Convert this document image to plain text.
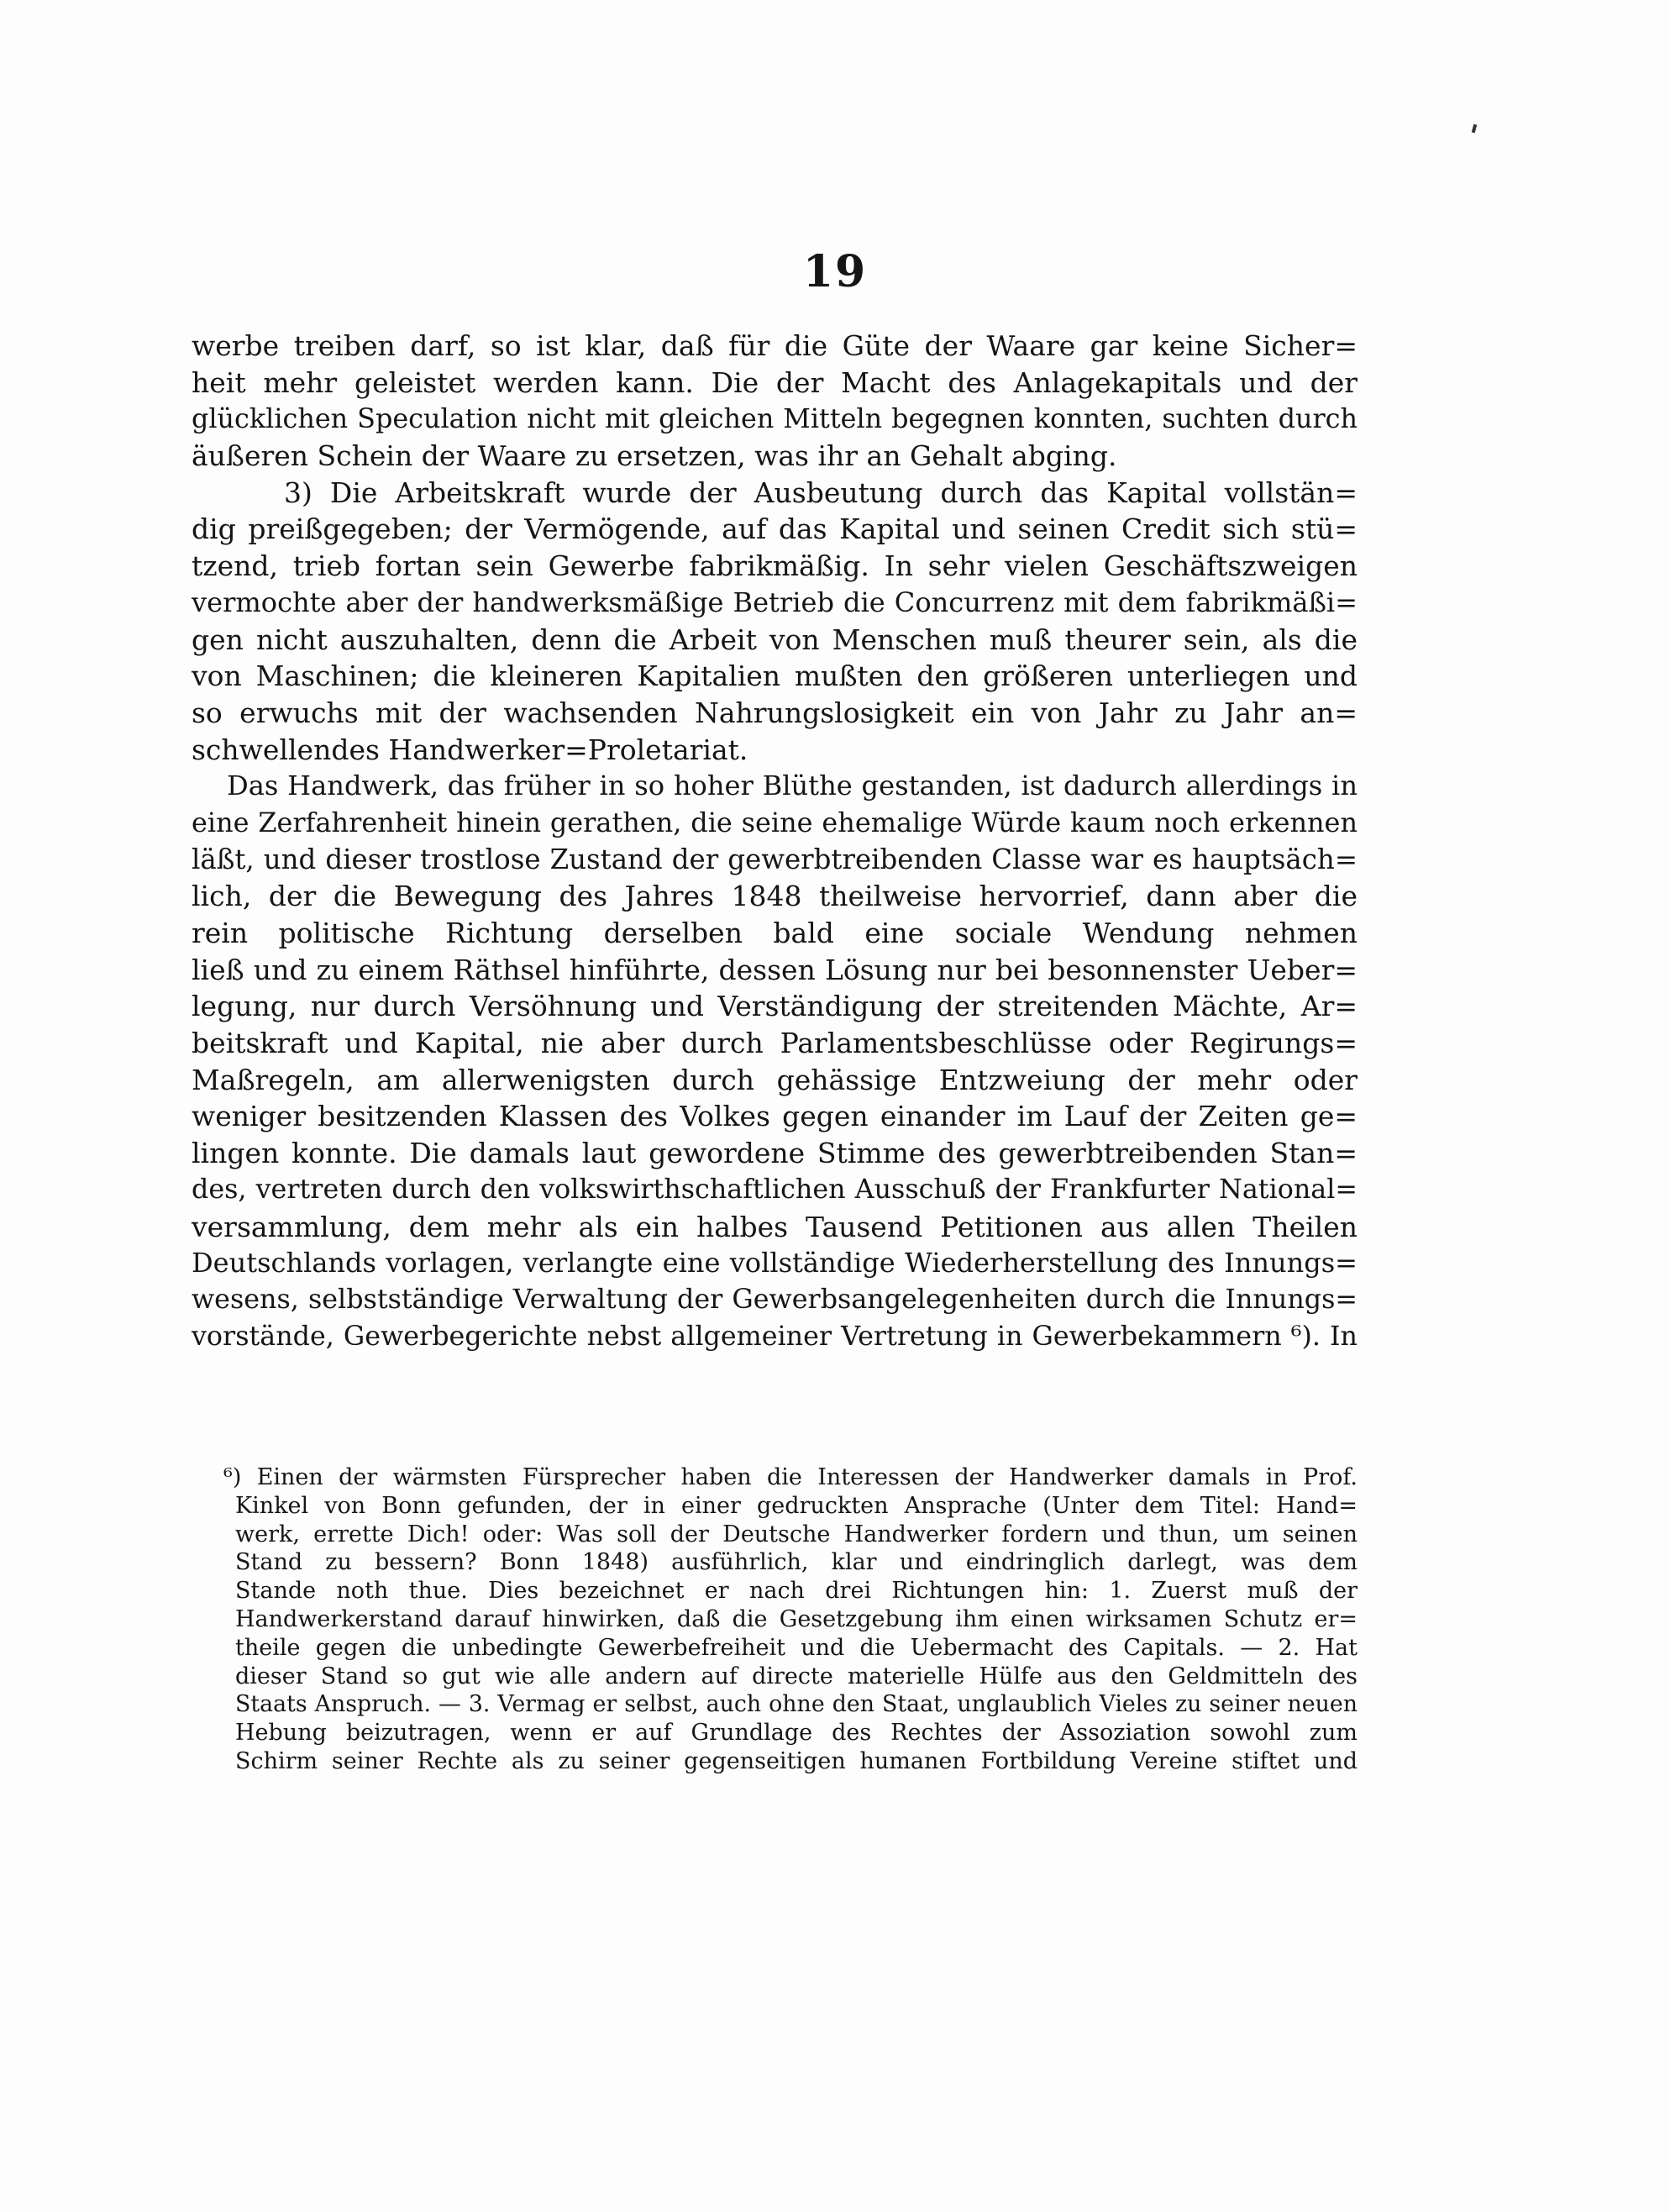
19
werbe treiben darf, so ist klar, daß für die Güte der Waare gar keine Sicher=
heit mehr geleistet werden kann. Die der Macht des Anlagekapitals und der
glücklichen Speculation nicht mit gleichen Mitteln begegnen konnten, suchten durch
äußeren Schein der Waare zu ersetzen, was ihr an Gehalt abging.
3) Die Arbeitskraft wurde der Ausbeutung durch das Kapital vollstän=
dig preißgegeben; der Vermögende, auf das Kapital und seinen Credit sich stü=
tzend, trieb fortan sein Gewerbe fabrikmäßig. In sehr vielen Geschäftszweigen
vermochte aber der handwerksmäßige Betrieb die Concurrenz mit dem fabrikmäßi=
gen nicht auszuhalten, denn die Arbeit von Menschen muß theurer sein, als die
von Maschinen; die kleineren Kapitalien mußten den größeren unterliegen und
so erwuchs mit der wachsenden Nahrungslosigkeit ein von Jahr zu Jahr an=
schwellendes Handwerker=Proletariat.
Das Handwerk, das früher in so hoher Blüthe gestanden, ist dadurch allerdings in
eine Zerfahrenheit hinein gerathen, die seine ehemalige Würde kaum noch erkennen
läßt, und dieser trostlose Zustand der gewerbtreibenden Classe war es hauptsäch=
lich, der die Bewegung des Jahres 1848 theilweise hervorrief, dann aber die
rein politische Richtung derselben bald eine sociale Wendung nehmen
ließ und zu einem Räthsel hinführte, dessen Lösung nur bei besonnenster Ueber=
legung, nur durch Versöhnung und Verständigung der streitenden Mächte, Ar=
beitskraft und Kapital, nie aber durch Parlamentsbeschlüsse oder Regirungs=
Maßregeln, am allerwenigsten durch gehässige Entzweiung der mehr oder
weniger besitzenden Klassen des Volkes gegen einander im Lauf der Zeiten ge=
lingen konnte. Die damals laut gewordene Stimme des gewerbtreibenden Stan=
des, vertreten durch den volkswirthschaftlichen Ausschuß der Frankfurter National=
versammlung, dem mehr als ein halbes Tausend Petitionen aus allen Theilen
Deutschlands vorlagen, verlangte eine vollständige Wiederherstellung des Innungs=
wesens, selbstständige Verwaltung der Gewerbsangelegenheiten durch die Innungs=
vorstände, Gewerbegerichte nebst allgemeiner Vertretung in Gewerbekammern ⁶). In
⁶) Einen der wärmsten Fürsprecher haben die Interessen der Handwerker damals in Prof.
Kinkel von Bonn gefunden, der in einer gedruckten Ansprache (Unter dem Titel: Hand=
werk, errette Dich! oder: Was soll der Deutsche Handwerker fordern und thun, um seinen
Stand zu bessern? Bonn 1848) ausführlich, klar und eindringlich darlegt, was dem
Stande noth thue. Dies bezeichnet er nach drei Richtungen hin: 1. Zuerst muß der
Handwerkerstand darauf hinwirken, daß die Gesetzgebung ihm einen wirksamen Schutz er=
theile gegen die unbedingte Gewerbefreiheit und die Uebermacht des Capitals. — 2. Hat
dieser Stand so gut wie alle andern auf directe materielle Hülfe aus den Geldmitteln des
Staats Anspruch. — 3. Vermag er selbst, auch ohne den Staat, unglaublich Vieles zu seiner neuen
Hebung beizutragen, wenn er auf Grundlage des Rechtes der Assoziation sowohl zum
Schirm seiner Rechte als zu seiner gegenseitigen humanen Fortbildung Vereine stiftet und
